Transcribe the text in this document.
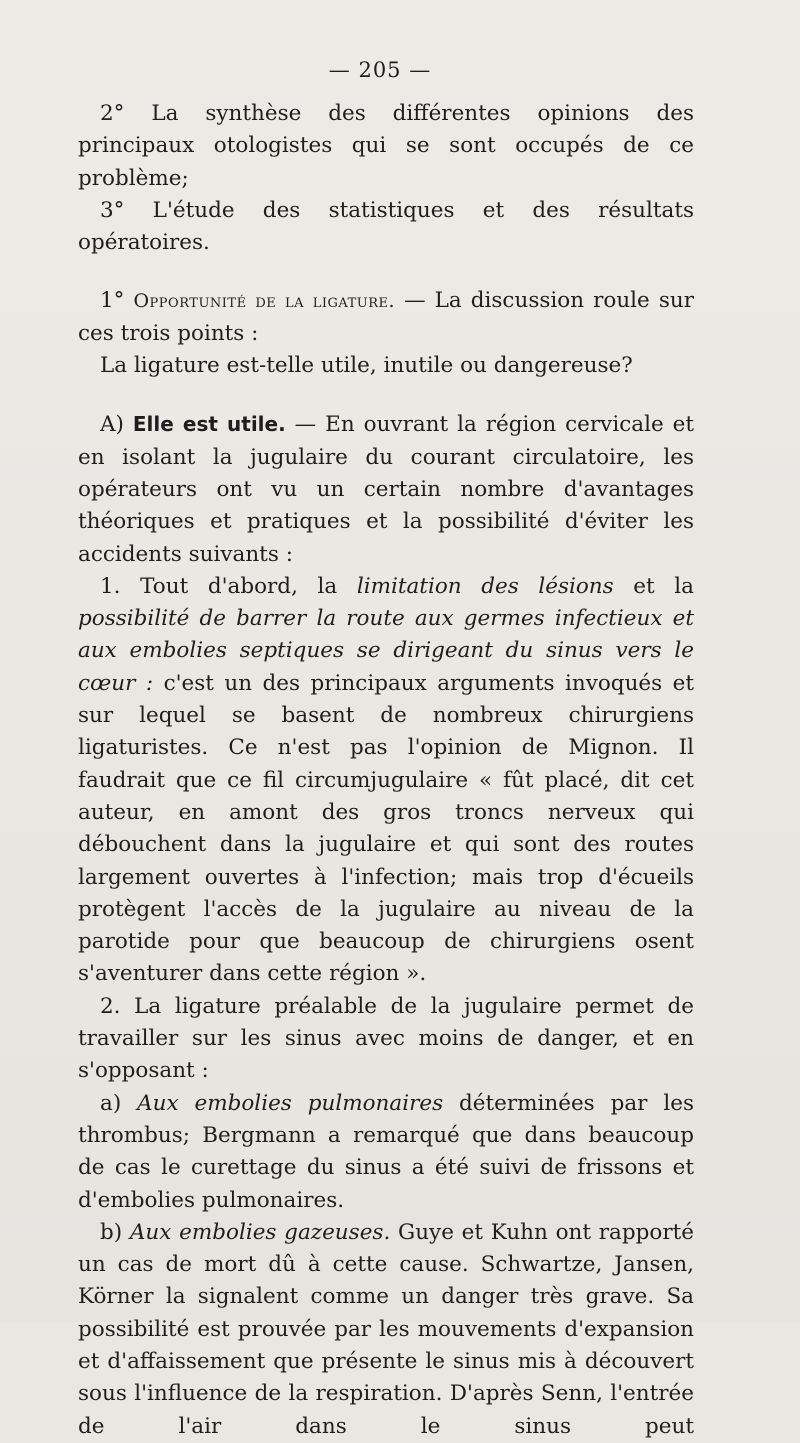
— 205 —

2° La synthèse des différentes opinions des principaux otologistes qui se sont occupés de ce problème;

3° L'étude des statistiques et des résultats opératoires.

1° Opportunité de la ligature. — La discussion roule sur ces trois points :

La ligature est-telle utile, inutile ou dangereuse?

A) Elle est utile. — En ouvrant la région cervicale et en isolant la jugulaire du courant circulatoire, les opérateurs ont vu un certain nombre d'avantages théoriques et pratiques et la possibilité d'éviter les accidents suivants :

1. Tout d'abord, la limitation des lésions et la possibilité de barrer la route aux germes infectieux et aux embolies septiques se dirigeant du sinus vers le cœur : c'est un des principaux arguments invoqués et sur lequel se basent de nombreux chirurgiens ligaturistes. Ce n'est pas l'opinion de Mignon. Il faudrait que ce fil circumjugulaire « fût placé, dit cet auteur, en amont des gros troncs nerveux qui débouchent dans la jugulaire et qui sont des routes largement ouvertes à l'infection; mais trop d'écueils protègent l'accès de la jugulaire au niveau de la parotide pour que beaucoup de chirurgiens osent s'aventurer dans cette région ».

2. La ligature préalable de la jugulaire permet de travailler sur les sinus avec moins de danger, et en s'opposant :

a) Aux embolies pulmonaires déterminées par les thrombus; Bergmann a remarqué que dans beaucoup de cas le curettage du sinus a été suivi de frissons et d'embolies pulmonaires.

b) Aux embolies gazeuses. Guye et Kuhn ont rapporté un cas de mort dû à cette cause. Schwartze, Jansen, Körner la signalent comme un danger très grave. Sa possibilité est prouvée par les mouvements d'expansion et d'affaissement que présente le sinus mis à découvert sous l'influence de la respiration. D'après Senn, l'entrée de l'air dans le sinus peut
